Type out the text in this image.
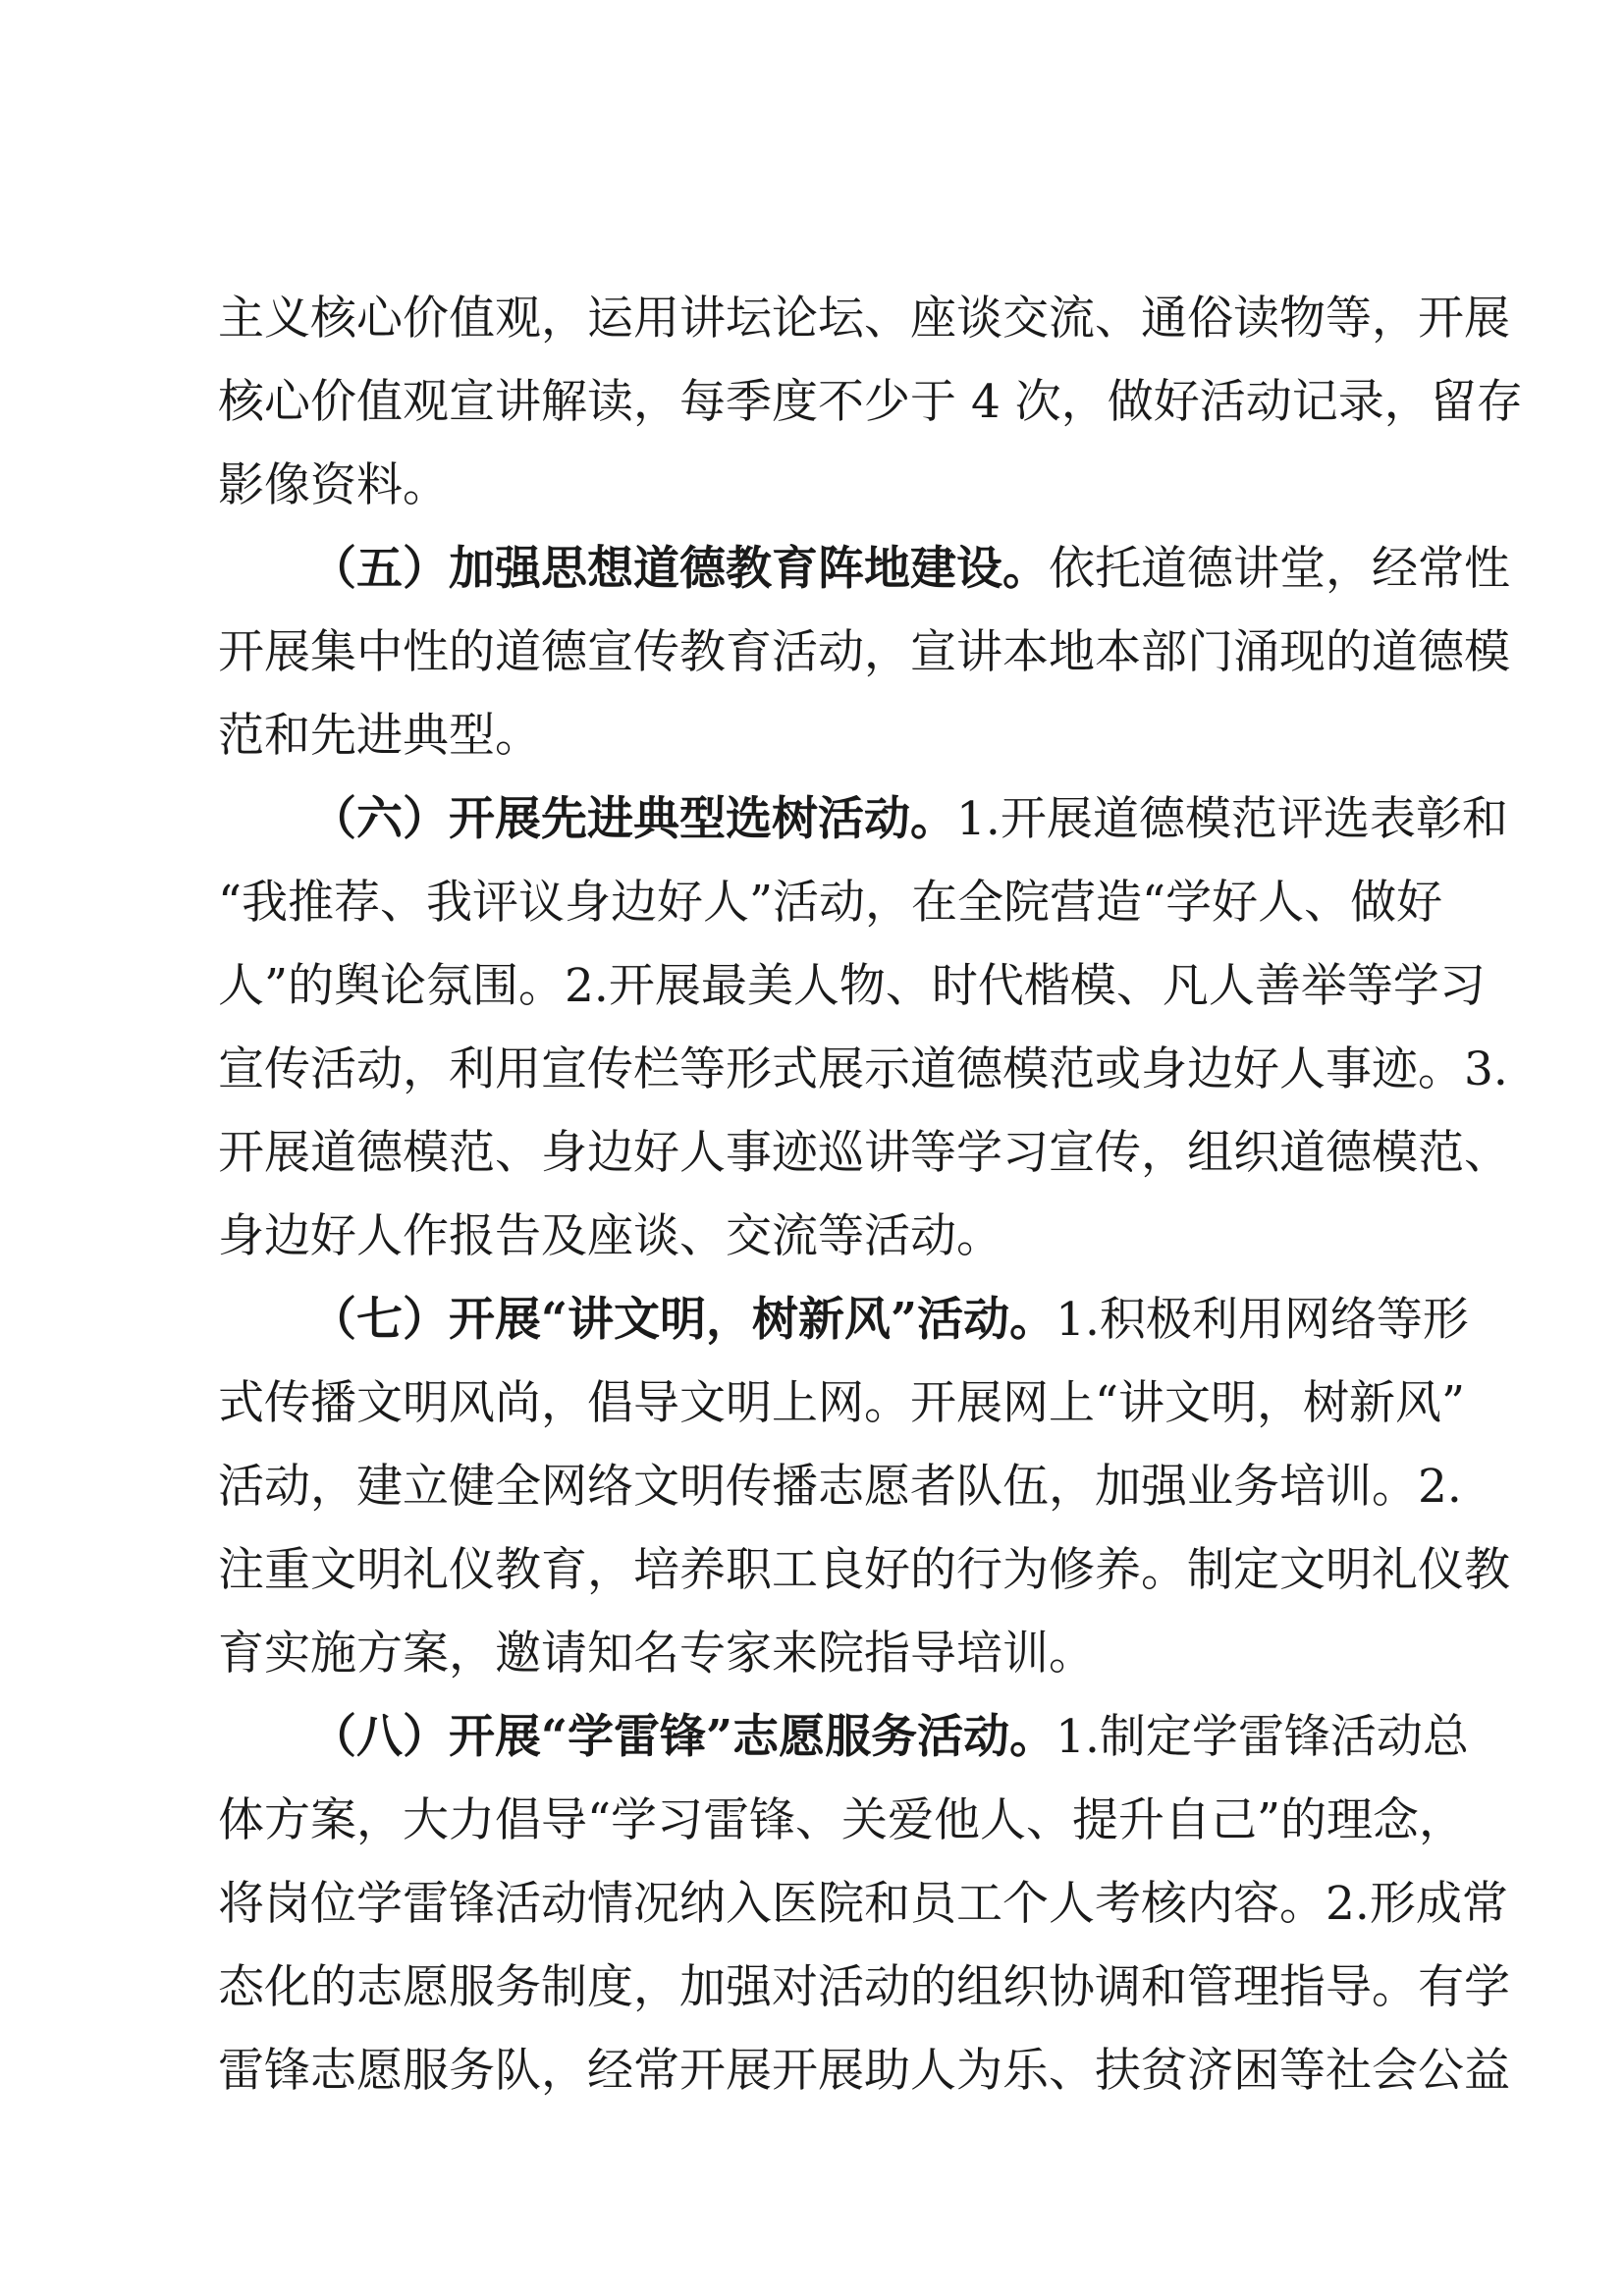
主义核心价值观，运用讲坛论坛、座谈交流、通俗读物等，开展
核心价值观宣讲解读，每季度不少于 4 次，做好活动记录，留存
影像资料。
（五）加强思想道德教育阵地建设。依托道德讲堂，经常性
开展集中性的道德宣传教育活动，宣讲本地本部门涌现的道德模
范和先进典型。
（六）开展先进典型选树活动。1.开展道德模范评选表彰和
“我推荐、我评议身边好人”活动，在全院营造“学好人、做好
人”的舆论氛围。2.开展最美人物、时代楷模、凡人善举等学习
宣传活动，利用宣传栏等形式展示道德模范或身边好人事迹。3.
开展道德模范、身边好人事迹巡讲等学习宣传，组织道德模范、
身边好人作报告及座谈、交流等活动。
（七）开展“讲文明，树新风”活动。1.积极利用网络等形
式传播文明风尚，倡导文明上网。开展网上“讲文明，树新风”
活动，建立健全网络文明传播志愿者队伍，加强业务培训。2.
注重文明礼仪教育，培养职工良好的行为修养。制定文明礼仪教
育实施方案，邀请知名专家来院指导培训。
（八）开展“学雷锋”志愿服务活动。1.制定学雷锋活动总
体方案，大力倡导“学习雷锋、关爱他人、提升自己”的理念，
将岗位学雷锋活动情况纳入医院和员工个人考核内容。2.形成常
态化的志愿服务制度，加强对活动的组织协调和管理指导。有学
雷锋志愿服务队，经常开展开展助人为乐、扶贫济困等社会公益
